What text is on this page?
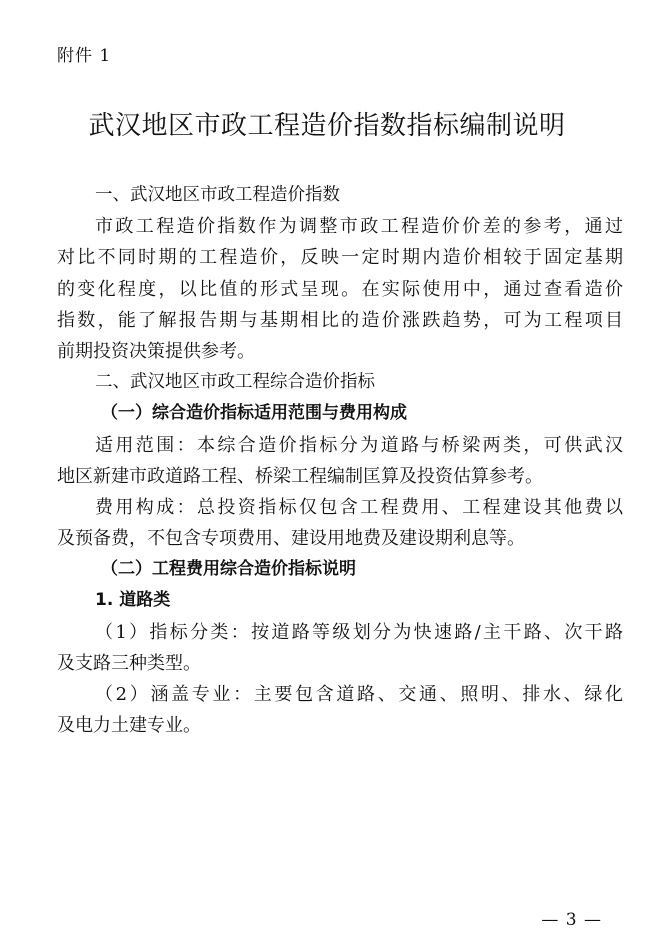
附件 1
武汉地区市政工程造价指数指标编制说明
一、武汉地区市政工程造价指数
市政工程造价指数作为调整市政工程造价价差的参考，通过
对比不同时期的工程造价，反映一定时期内造价相较于固定基期
的变化程度，以比值的形式呈现。在实际使用中，通过查看造价
指数，能了解报告期与基期相比的造价涨跌趋势，可为工程项目
前期投资决策提供参考。
二、武汉地区市政工程综合造价指标
（一）综合造价指标适用范围与费用构成
适用范围：本综合造价指标分为道路与桥梁两类，可供武汉
地区新建市政道路工程、桥梁工程编制匡算及投资估算参考。
费用构成：总投资指标仅包含工程费用、工程建设其他费以
及预备费，不包含专项费用、建设用地费及建设期利息等。
（二）工程费用综合造价指标说明
1. 道路类
（1）指标分类：按道路等级划分为快速路/主干路、次干路
及支路三种类型。
（2）涵盖专业：主要包含道路、交通、照明、排水、绿化
及电力土建专业。
— 3 —
